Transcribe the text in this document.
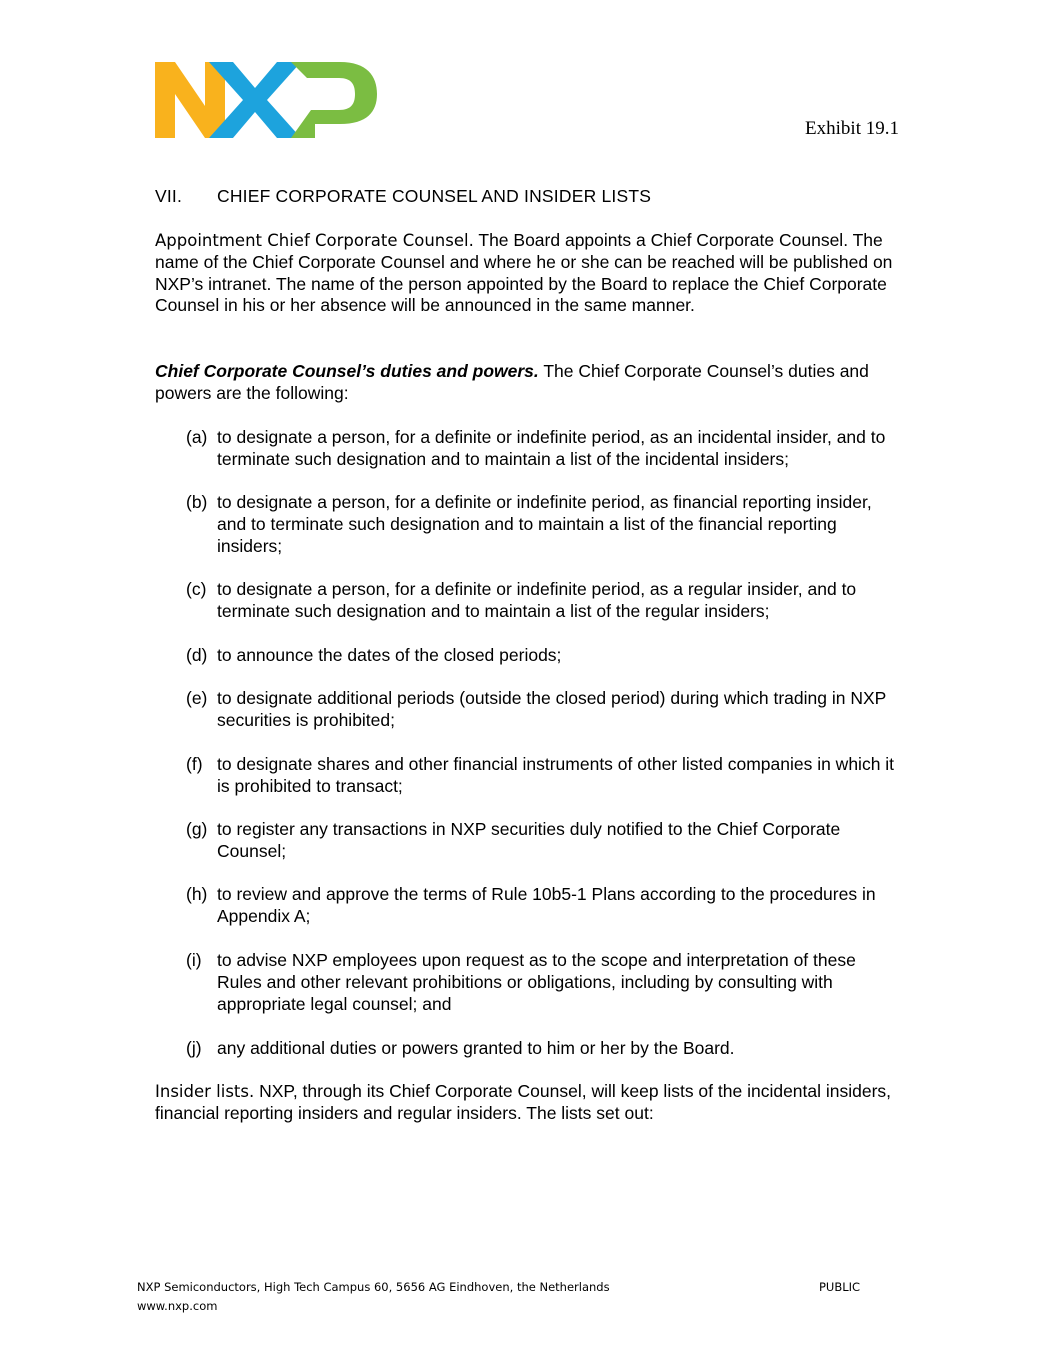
Exhibit 19.1
VII. CHIEF CORPORATE COUNSEL AND INSIDER LISTS
Appointment Chief Corporate Counsel. The Board appoints a Chief Corporate Counsel. The name of the Chief Corporate Counsel and where he or she can be reached will be published on NXP’s intranet. The name of the person appointed by the Board to replace the Chief Corporate Counsel in his or her absence will be announced in the same manner.
Chief Corporate Counsel’s duties and powers. The Chief Corporate Counsel’s duties and powers are the following:
(a) to designate a person, for a definite or indefinite period, as an incidental insider, and to terminate such designation and to maintain a list of the incidental insiders;
(b) to designate a person, for a definite or indefinite period, as financial reporting insider, and to terminate such designation and to maintain a list of the financial reporting insiders;
(c) to designate a person, for a definite or indefinite period, as a regular insider, and to terminate such designation and to maintain a list of the regular insiders;
(d) to announce the dates of the closed periods;
(e) to designate additional periods (outside the closed period) during which trading in NXP securities is prohibited;
(f) to designate shares and other financial instruments of other listed companies in which it is prohibited to transact;
(g) to register any transactions in NXP securities duly notified to the Chief Corporate Counsel;
(h) to review and approve the terms of Rule 10b5-1 Plans according to the procedures in Appendix A;
(i) to advise NXP employees upon request as to the scope and interpretation of these Rules and other relevant prohibitions or obligations, including by consulting with appropriate legal counsel; and
(j) any additional duties or powers granted to him or her by the Board.
Insider lists. NXP, through its Chief Corporate Counsel, will keep lists of the incidental insiders, financial reporting insiders and regular insiders. The lists set out:
NXP Semiconductors, High Tech Campus 60, 5656 AG Eindhoven, the Netherlands
www.nxp.com
PUBLIC
